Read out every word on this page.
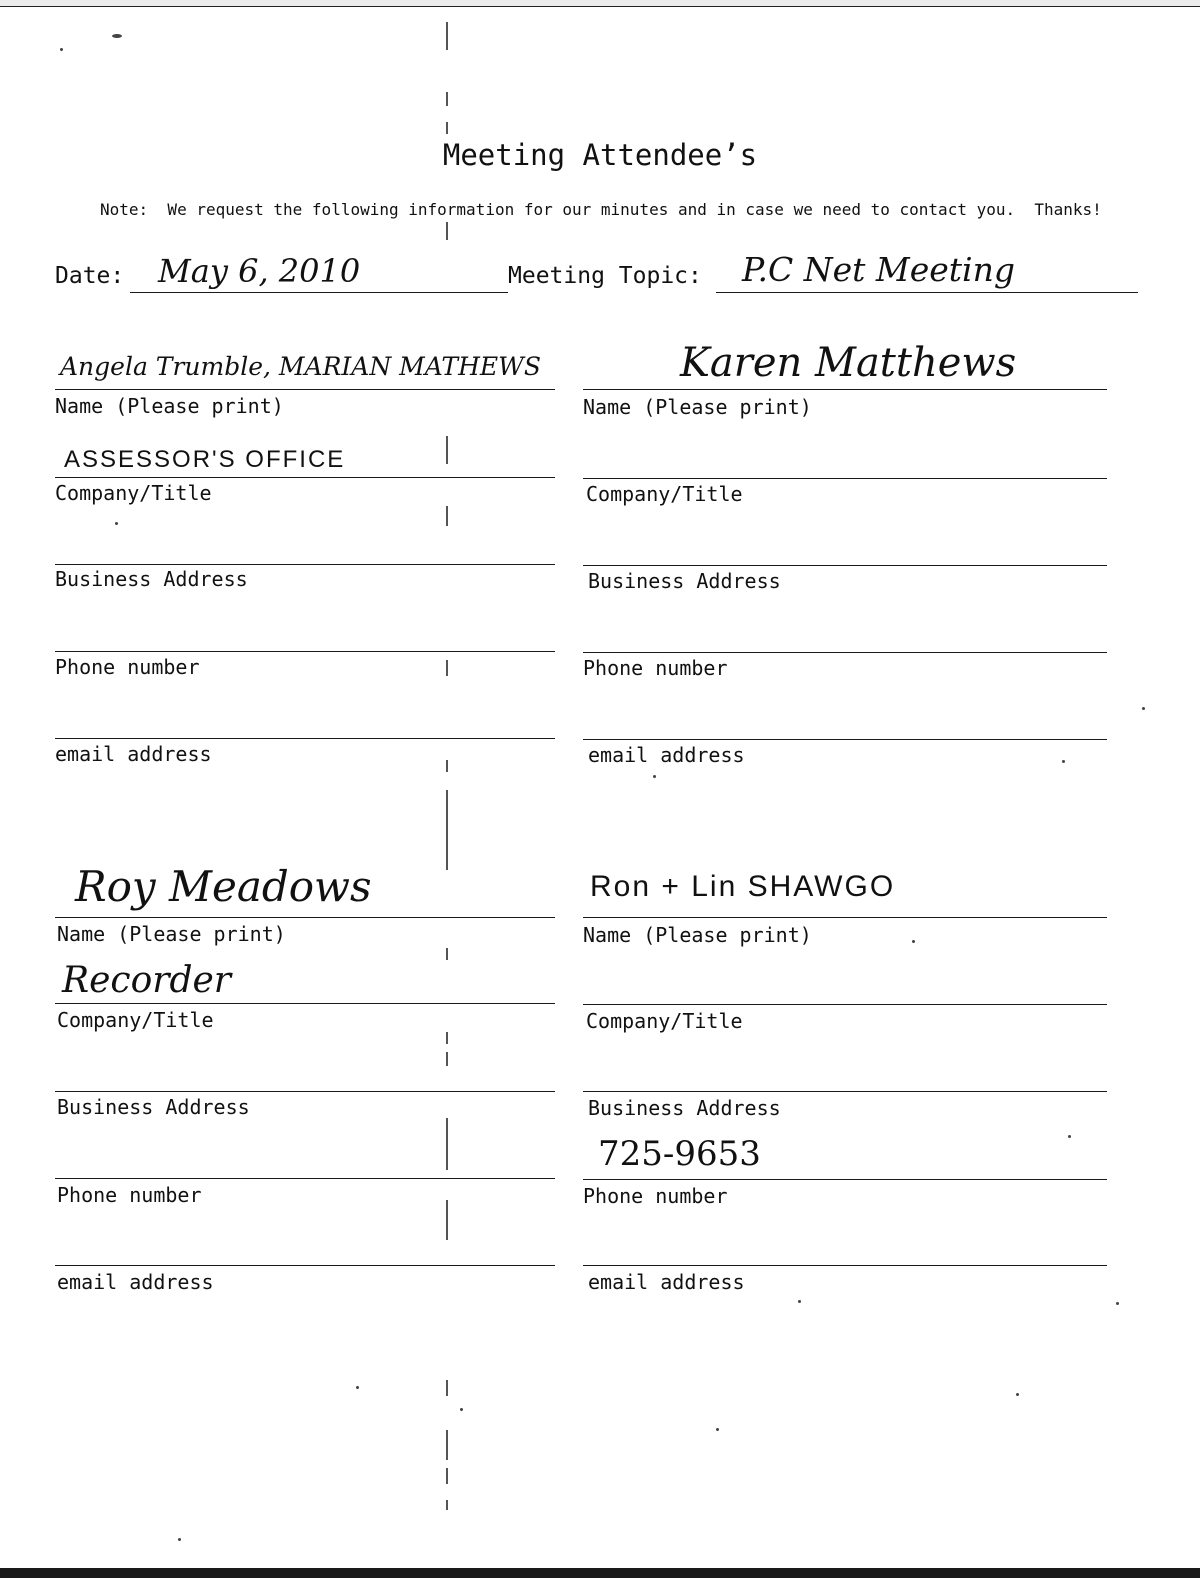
Meeting Attendee’s
Note:  We request the following information for our minutes and in case we need to contact you.  Thanks!
Date: May 6, 2010	Meeting Topic: P.C Net Meeting
Angela Trumble, MARIAN MATHEWS
Name (Please print)
ASSESSOR'S OFFICE
Company/Title
Business Address
Phone number
email address
Karen Matthews
Name (Please print)
Company/Title
Business Address
Phone number
email address
Roy Meadows
Name (Please print)
Recorder
Company/Title
Business Address
Phone number
email address
Ron + Lin SHAWGO
Name (Please print)
Company/Title
Business Address
725-9653
Phone number
email address
